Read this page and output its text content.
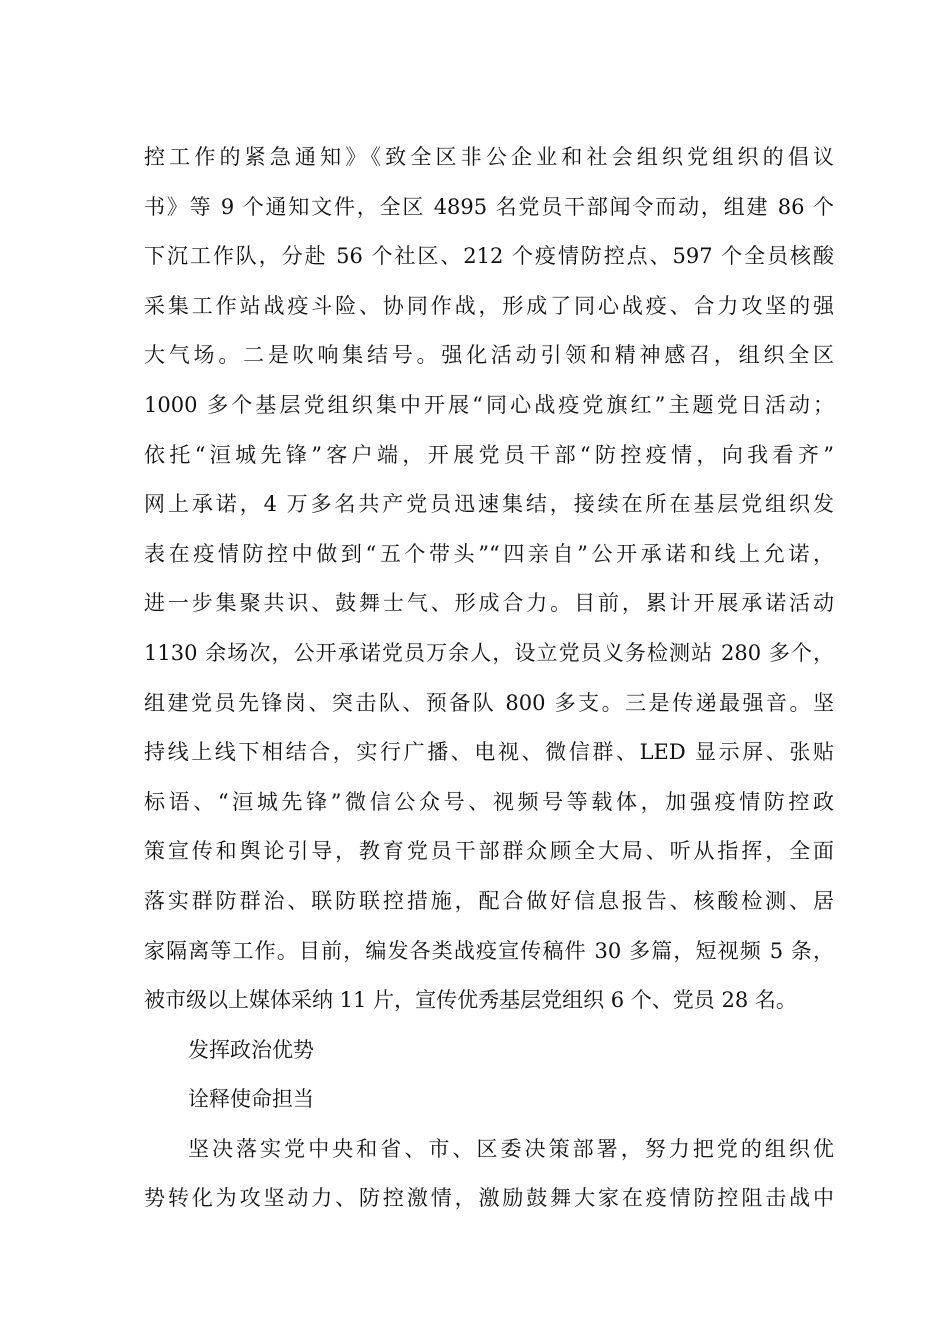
控工作的紧急通知》《致全区非公企业和社会组织党组织的倡议
书》等 9 个通知文件，全区 4895 名党员干部闻令而动，组建 86 个
下沉工作队，分赴 56 个社区、212 个疫情防控点、597 个全员核酸
采集工作站战疫斗险、协同作战，形成了同心战疫、合力攻坚的强
大气场。二是吹响集结号。强化活动引领和精神感召，组织全区
1000 多个基层党组织集中开展“同心战疫党旗红”主题党日活动；
依托“洹城先锋”客户端，开展党员干部“防控疫情，向我看齐”
网上承诺，4 万多名共产党员迅速集结，接续在所在基层党组织发
表在疫情防控中做到“五个带头”“四亲自”公开承诺和线上允诺，
进一步集聚共识、鼓舞士气、形成合力。目前，累计开展承诺活动
1130 余场次，公开承诺党员万余人，设立党员义务检测站 280 多个，
组建党员先锋岗、突击队、预备队 800 多支。三是传递最强音。坚
持线上线下相结合，实行广播、电视、微信群、LED 显示屏、张贴
标语、“洹城先锋”微信公众号、视频号等载体，加强疫情防控政
策宣传和舆论引导，教育党员干部群众顾全大局、听从指挥，全面
落实群防群治、联防联控措施，配合做好信息报告、核酸检测、居
家隔离等工作。目前，编发各类战疫宣传稿件 30 多篇，短视频 5 条，
被市级以上媒体采纳 11 片，宣传优秀基层党组织 6 个、党员 28 名。
发挥政治优势
诠释使命担当
坚决落实党中央和省、市、区委决策部署，努力把党的组织优
势转化为攻坚动力、防控激情，激励鼓舞大家在疫情防控阻击战中
